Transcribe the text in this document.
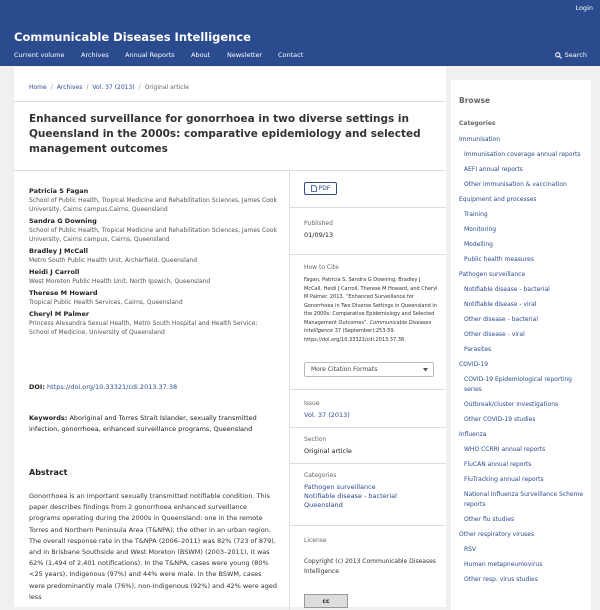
Login
Communicable Diseases Intelligence
Current volume	Archives	Annual Reports	About	Newsletter Contact	Search
Home / Archives / Vol. 37 (2013) / Original article
Enhanced surveillance for gonorrhoea in two diverse settings in Queensland in the 2000s: comparative epidemiology and selected management outcomes
Patricia S Fagan
School of Public Health, Tropical Medicine and Rehabilitation Sciences, James Cook University, Cairns campus,Cairns, Queensland
Sandra G Downing
School of Public Health, Tropical Medicine and Rehabilitation Sciences, James Cook University, Cairns campus, Cairns, Queensland
Bradley J McCall
Metro South Public Health Unit, Archerfield, Queensland
Heidi J Carroll
West Moreton Public Health Unit, North Ipswich, Queensland
Therese M Howard
Tropical Public Health Services, Cairns, Queensland
Cheryl M Palmer
Princess Alexandra Sexual Health, Metro South Hospital and Health Service; School of Medicine, University of Queensland
DOI: https://doi.org/10.33321/cdi.2013.37.38
Keywords: Aboriginal and Torres Strait Islander, sexually transmitted infection, gonorrhoea, enhanced surveillance programs, Queensland
Abstract

Gonorrhoea is an important sexually transmitted notifiable condition. This paper describes findings from 2 gonorrhoea enhanced surveillance programs operating during the 2000s in Queensland: one in the remote Torres and Northern Peninsula Area (T&NPA); the other in an urban region. The overall response rate in the T&NPA (2006–2011) was 82% (723 of 879), and in Brisbane Southside and West Moreton (BSWM) (2003–2011), it was 62% (1,494 of 2,401 notifications). In the T&NPA, cases were young (80% <25 years), Indigenous (97%) and 44% were male. In the BSWM, cases were predominantly male (76%), non-Indigenous (92%) and 42% were aged less

PDF
Published
01/09/13
How to Cite
Fagan, Patricia S, Sandra G Downing, Bradley J McCall, Heidi J Carroll, Therese M Howard, and Cheryl M Palmer. 2013. “Enhanced Surveillance for Gonorrhoea in Two Diverse Settings in Queensland in the 2000s: Comparative Epidemiology and Selected Management Outcomes”. Communicable Diseases Intelligence 37 (September):253-59. https://doi.org/10.33321/cdi.2013.37.38.
More Citation Formats
Issue
Vol. 37 (2013)
Section
Original article
Categories
Pathogen surveillance
Notifiable disease - bacterial
Queensland
License
Copyright (c) 2013 Communicable Diseases Intelligence
cc
Browse
Categories
Immunisation
Immunisation coverage annual reports
AEFI annual reports
Other immunisation & vaccination
Equipment and processes
Training
Monitoring
Modelling
Public health measures
Pathogen surveillance
Notifiable disease - bacterial
Notifiable disease - viral
Other disease - bacterial
Other disease - viral
Parasites
COVID-19
COVID-19 Epidemiological reporting series
Outbreak/cluster investigations
Other COVID-19 studies
Influenza
WHO CCRRI annual reports
FluCAN annual reports
FluTracking annual reports
National Influenza Surveillance Scheme reports
Other flu studies
Other respiratory viruses
RSV
Human metapneumovirus
Other resp. virus studies
